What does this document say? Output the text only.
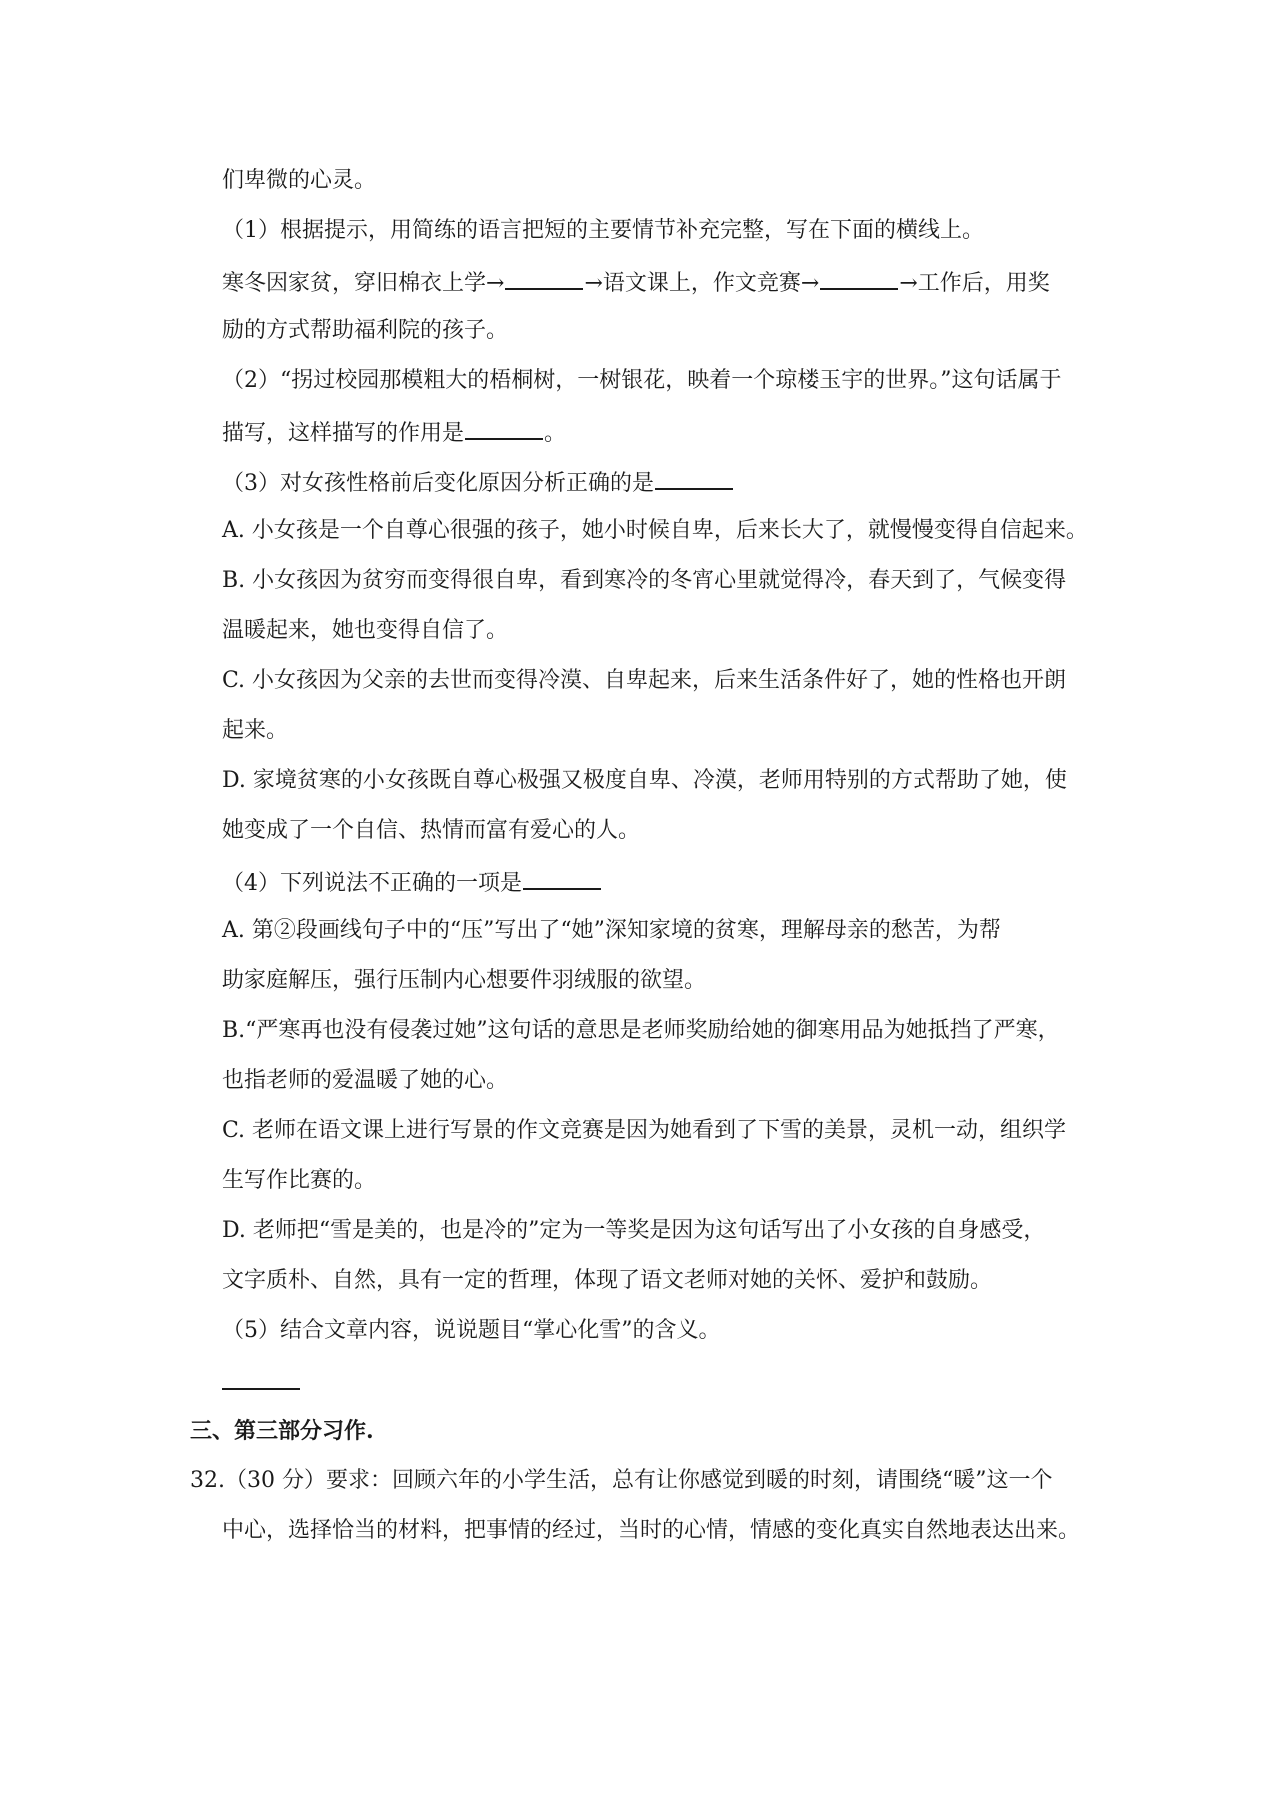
们卑微的心灵。
（1）根据提示，用简练的语言把短的主要情节补充完整，写在下面的横线上。
寒冬因家贫，穿旧棉衣上学→	→语文课上，作文竞赛→	→工作后，用奖
励的方式帮助福利院的孩子。
（2）“拐过校园那模粗大的梧桐树，一树银花，映着一个琼楼玉宇的世界。”这句话属于
描写，这样描写的作用是	。
（3）对女孩性格前后变化原因分析正确的是
A. 小女孩是一个自尊心很强的孩子，她小时候自卑，后来长大了，就慢慢变得自信起来。
B. 小女孩因为贫穷而变得很自卑，看到寒冷的冬宵心里就觉得冷，春天到了，气候变得
温暖起来，她也变得自信了。
C. 小女孩因为父亲的去世而变得冷漠、自卑起来，后来生活条件好了，她的性格也开朗
起来。
D. 家境贫寒的小女孩既自尊心极强又极度自卑、冷漠，老师用特别的方式帮助了她，使
她变成了一个自信、热情而富有爱心的人。
（4）下列说法不正确的一项是
A. 第②段画线句子中的“压”写出了“她”深知家境的贫寒，理解母亲的愁苦，为帮
助家庭解压，强行压制内心想要件羽绒服的欲望。
B.“严寒再也没有侵袭过她”这句话的意思是老师奖励给她的御寒用品为她抵挡了严寒，
也指老师的爱温暖了她的心。
C. 老师在语文课上进行写景的作文竞赛是因为她看到了下雪的美景，灵机一动，组织学
生写作比赛的。
D. 老师把“雪是美的，也是冷的”定为一等奖是因为这句话写出了小女孩的自身感受，
文字质朴、自然，具有一定的哲理，体现了语文老师对她的关怀、爱护和鼓励。
（5）结合文章内容，说说题目“掌心化雪”的含义。
三、第三部分习作.
32.（30 分）要求：回顾六年的小学生活，总有让你感觉到暖的时刻，请围绕“暖”这一个
中心，选择恰当的材料，把事情的经过，当时的心情，情感的变化真实自然地表达出来。
